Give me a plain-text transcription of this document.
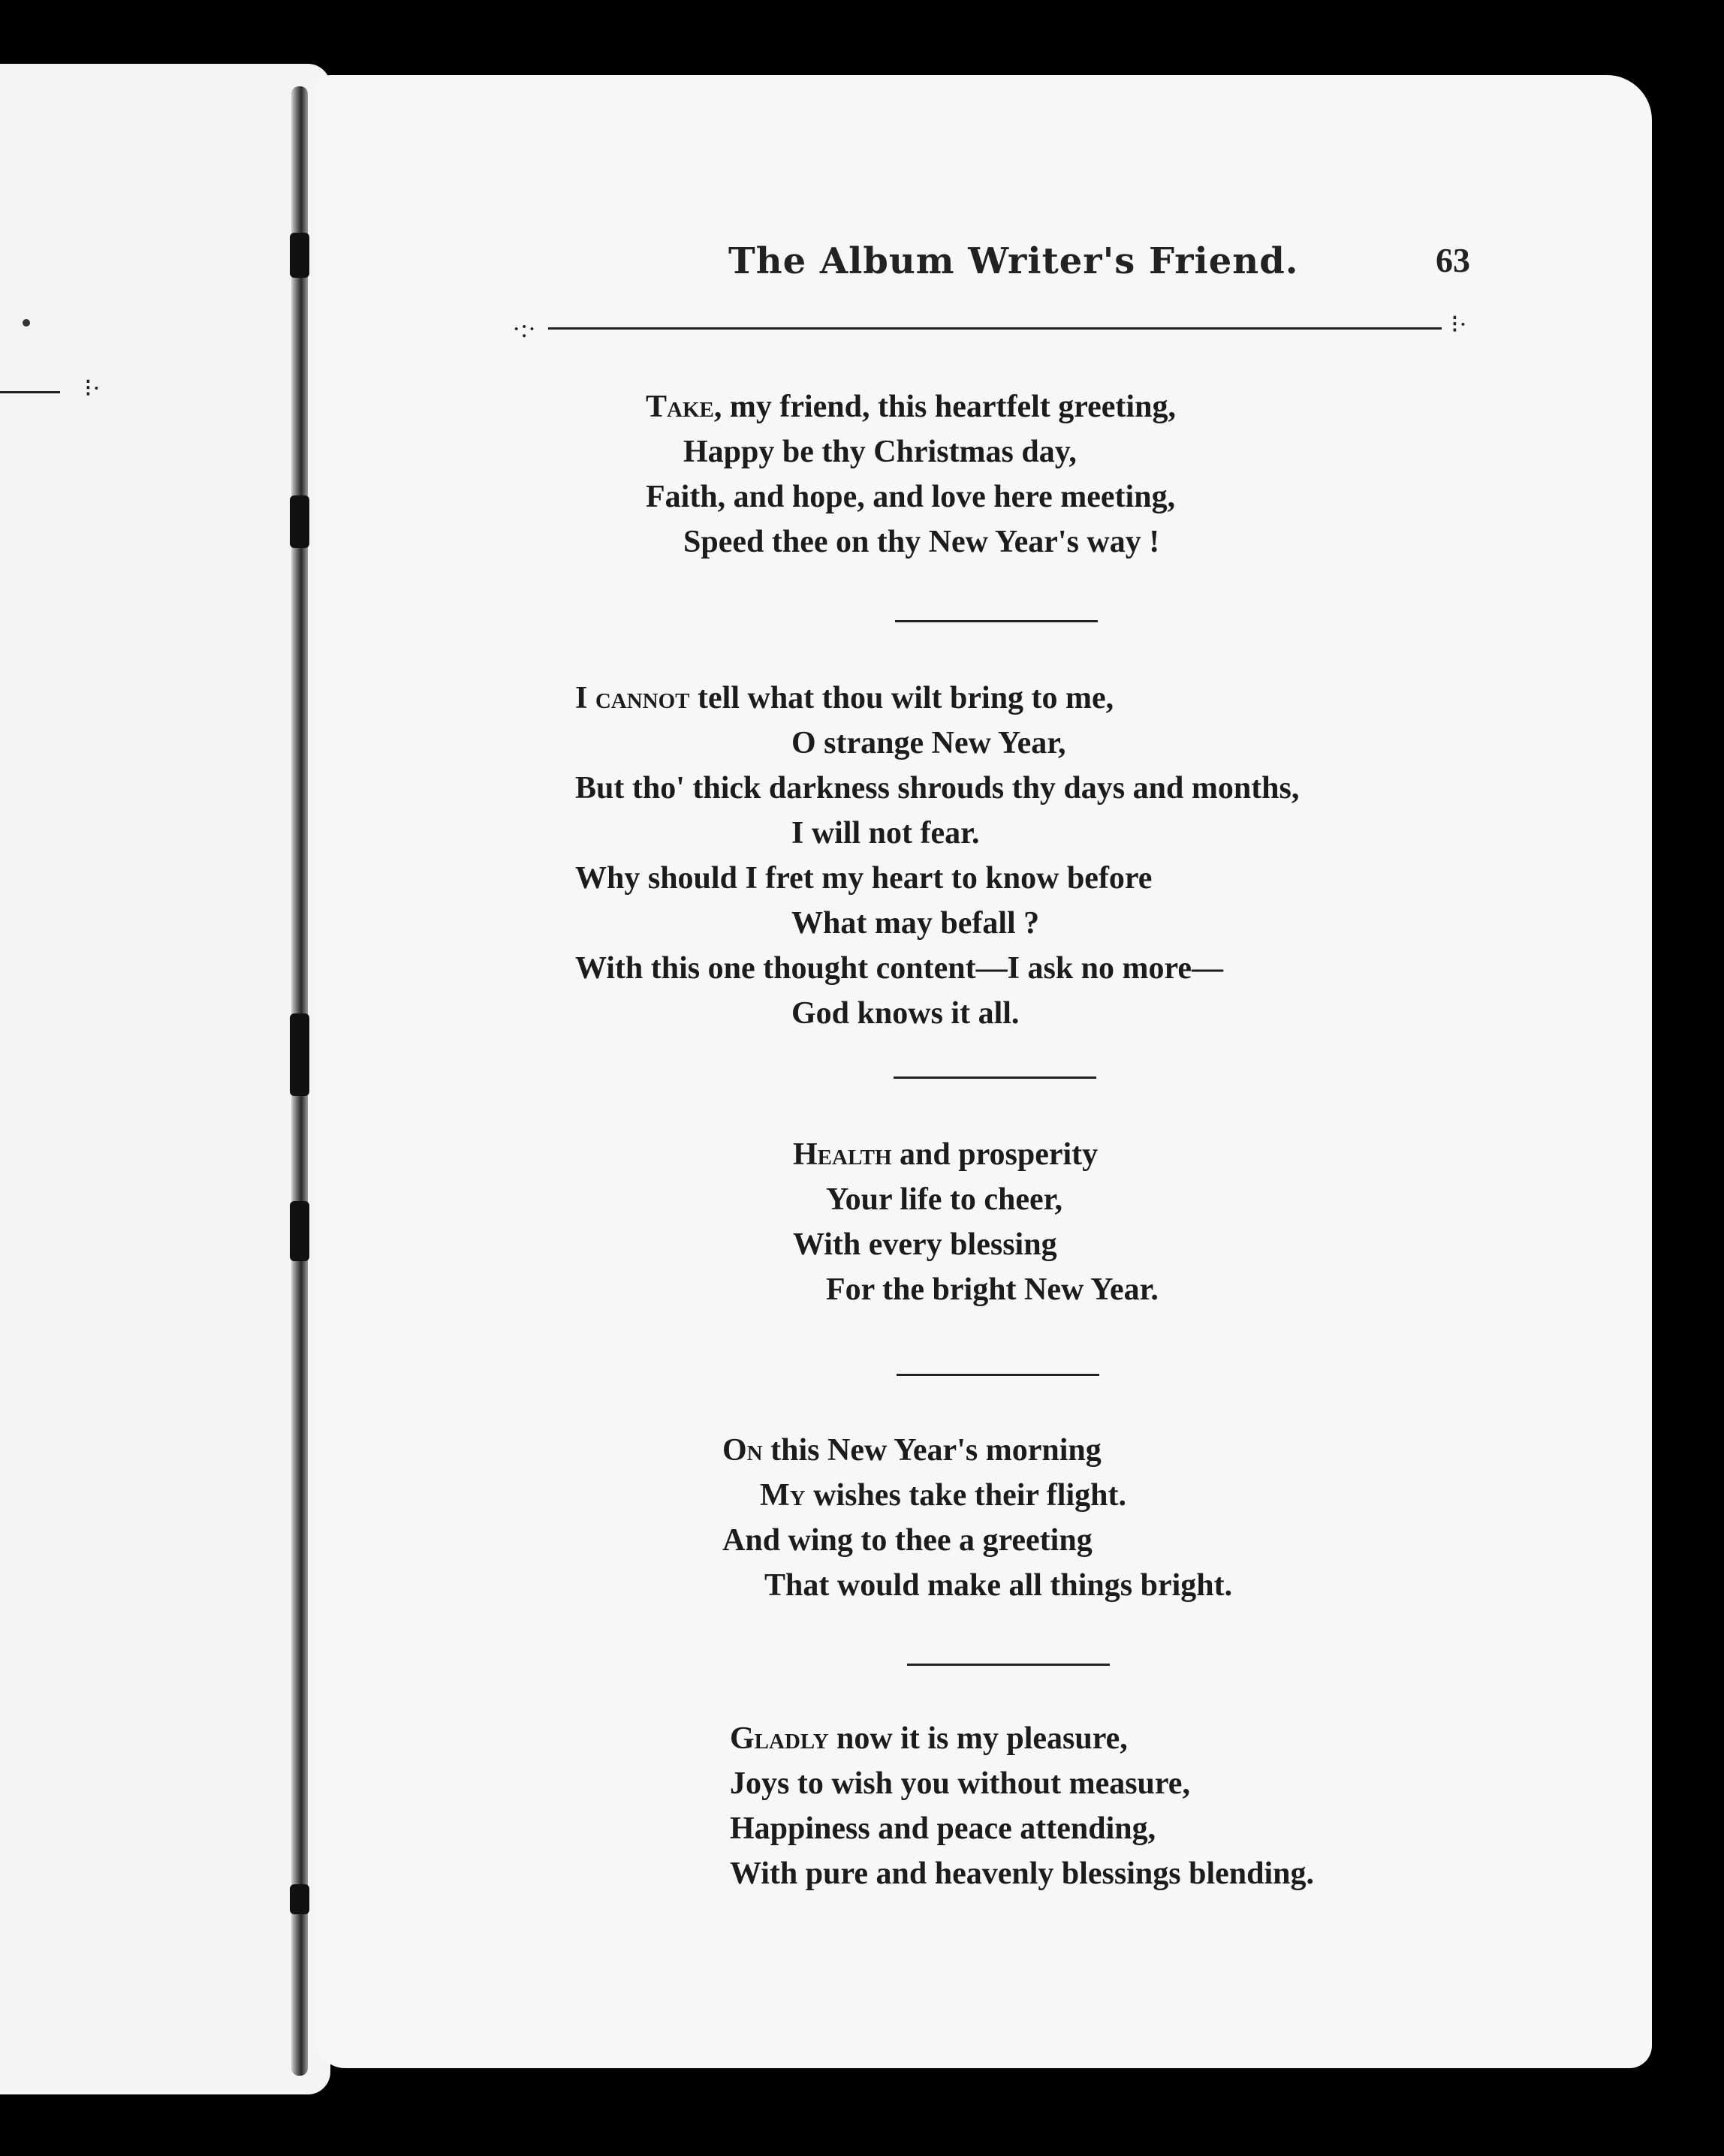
⁝·
The Album Writer's Friend.	63
·:·	⁝·
Take, my friend, this heartfelt greeting,
Happy be thy Christmas day,
Faith, and hope, and love here meeting,
Speed thee on thy New Year's way !
I cannot tell what thou wilt bring to me,
O strange New Year,
But tho' thick darkness shrouds thy days and months,
I will not fear.
Why should I fret my heart to know before
What may befall ?
With this one thought content—I ask no more—
God knows it all.
Health and prosperity
Your life to cheer,
With every blessing
For the bright New Year.
On this New Year's morning
My wishes take their flight.
And wing to thee a greeting
That would make all things bright.
Gladly now it is my pleasure,
Joys to wish you without measure,
Happiness and peace attending,
With pure and heavenly blessings blending.
